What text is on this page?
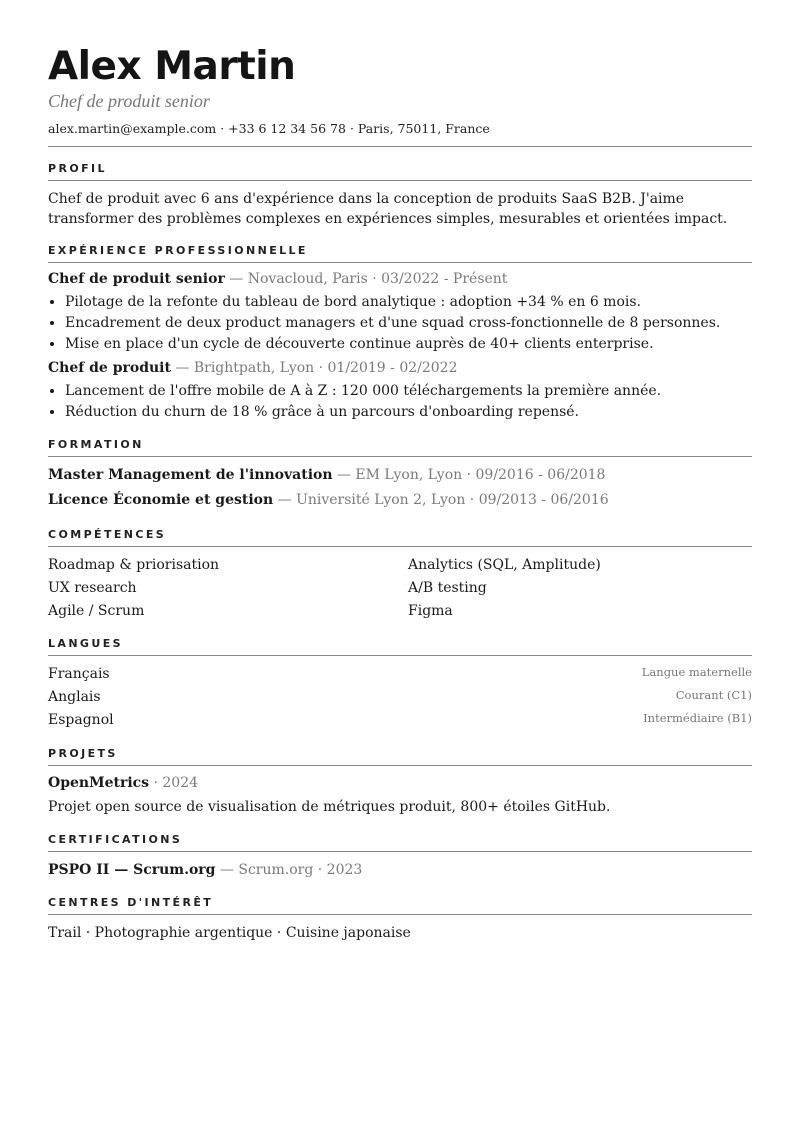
Alex Martin
Chef de produit senior
alex.martin@example.com · +33 6 12 34 56 78 · Paris, 75011, France
PROFIL
Chef de produit avec 6 ans d'expérience dans la conception de produits SaaS B2B. J'aime transformer des problèmes complexes en expériences simples, mesurables et orientées impact.
EXPÉRIENCE PROFESSIONNELLE
Chef de produit senior — Novacloud, Paris · 03/2022 - Présent
• Pilotage de la refonte du tableau de bord analytique : adoption +34 % en 6 mois.
• Encadrement de deux product managers et d'une squad cross-fonctionnelle de 8 personnes.
• Mise en place d'un cycle de découverte continue auprès de 40+ clients enterprise.
Chef de produit — Brightpath, Lyon · 01/2019 - 02/2022
• Lancement de l'offre mobile de A à Z : 120 000 téléchargements la première année.
• Réduction du churn de 18 % grâce à un parcours d'onboarding repensé.
FORMATION
Master Management de l'innovation — EM Lyon, Lyon · 09/2016 - 06/2018
Licence Économie et gestion — Université Lyon 2, Lyon · 09/2013 - 06/2016
COMPÉTENCES
Roadmap & priorisation	Analytics (SQL, Amplitude)
UX research	A/B testing
Agile / Scrum	Figma
LANGUES
Français	Langue maternelle
Anglais	Courant (C1)
Espagnol	Intermédiaire (B1)
PROJETS
OpenMetrics · 2024
Projet open source de visualisation de métriques produit, 800+ étoiles GitHub.
CERTIFICATIONS
PSPO II — Scrum.org — Scrum.org · 2023
CENTRES D'INTÉRÊT
Trail · Photographie argentique · Cuisine japonaise
